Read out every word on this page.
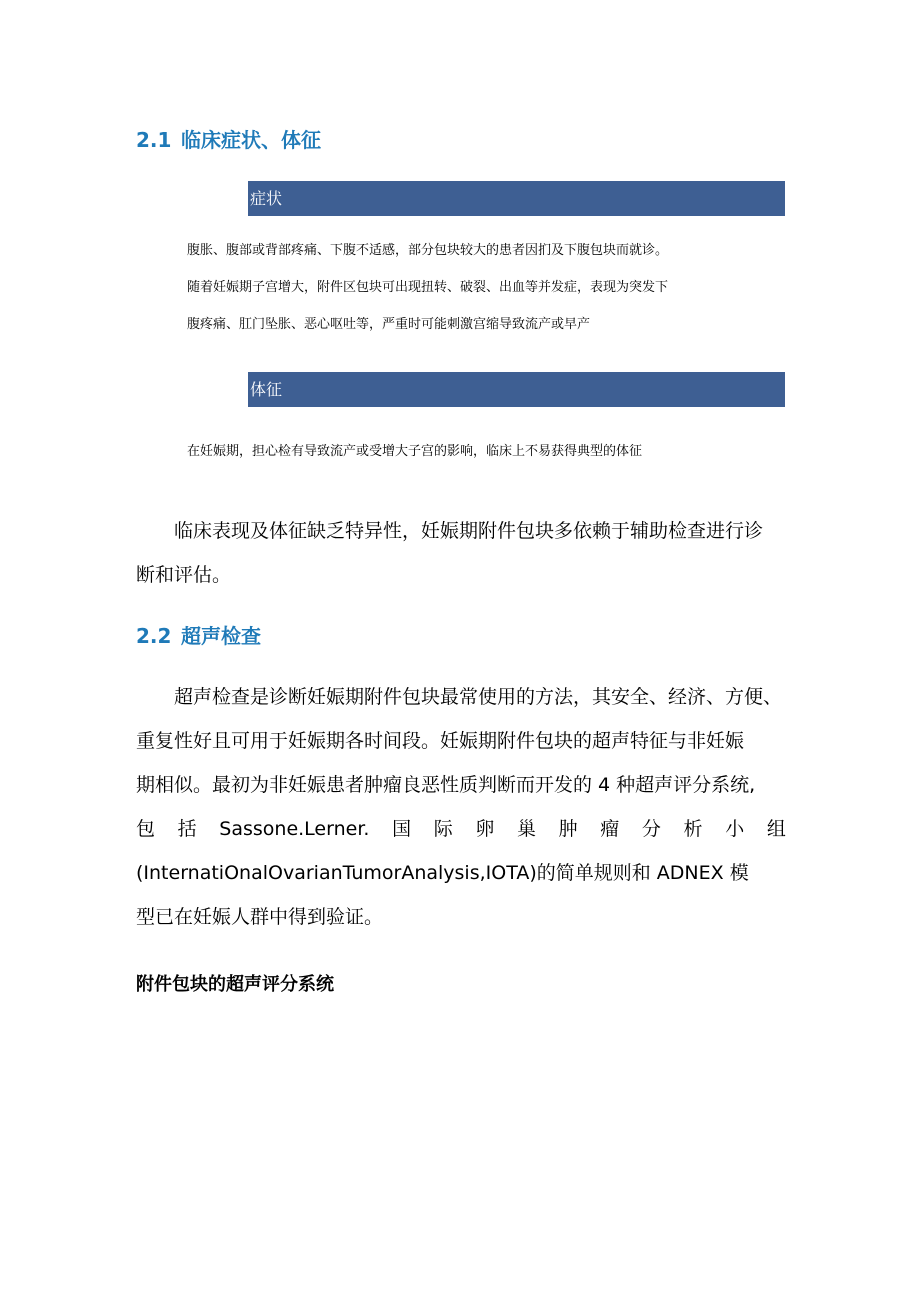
2.1 临床症状、体征
症状

腹胀、腹部或背部疼痛、下腹不适感，部分包块较大的患者因扪及下腹包块而就诊。

随着妊娠期子宫增大，附件区包块可出现扭转、破裂、出血等并发症，表现为突发下

腹疼痛、肛门坠胀、恶心呕吐等，严重时可能刺激宫缩导致流产或早产

体征

在妊娠期，担心检有导致流产或受增大子宫的影响，临床上不易获得典型的体征

临床表现及体征缺乏特异性，妊娠期附件包块多依赖于辅助检查进行诊
断和评估。
2.2 超声检查
超声检查是诊断妊娠期附件包块最常使用的方法，其安全、经济、方便、
重复性好且可用于妊娠期各时间段。妊娠期附件包块的超声特征与非妊娠
期相似。最初为非妊娠患者肿瘤良恶性质判断而开发的 4 种超声评分系统,
包 括 Sassone.Lerner. 国 际 卵 巢 肿 瘤 分 析 小 组
(InternatiOnalOvarianTumorAnalysis,IOTA)的简单规则和 ADNEX 模
型已在妊娠人群中得到验证。

附件包块的超声评分系统
